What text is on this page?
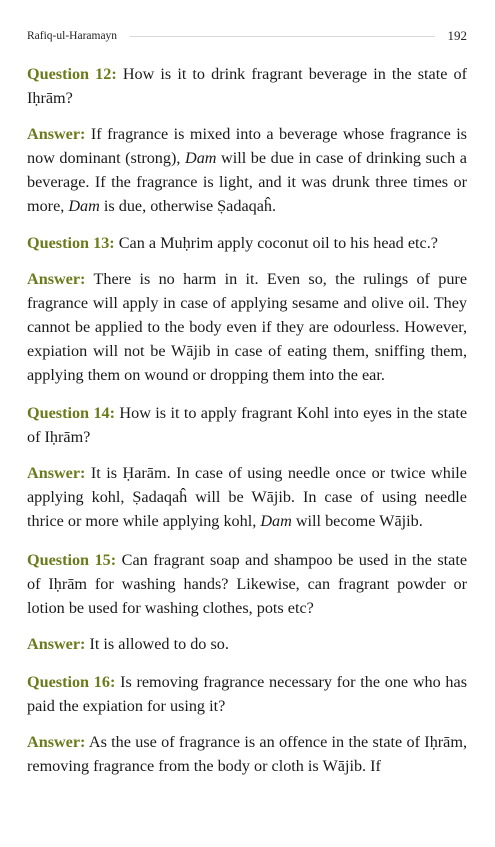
Rafiq-ul-Haramayn	192

Question 12: How is it to drink fragrant beverage in the state of Iḥrām?

Answer: If fragrance is mixed into a beverage whose fragrance is now dominant (strong), Dam will be due in case of drinking such a beverage. If the fragrance is light, and it was drunk three times or more, Dam is due, otherwise Ṣadaqaĥ.

Question 13: Can a Muḥrim apply coconut oil to his head etc.?

Answer: There is no harm in it. Even so, the rulings of pure fragrance will apply in case of applying sesame and olive oil. They cannot be applied to the body even if they are odourless. However, expiation will not be Wājib in case of eating them, sniffing them, applying them on wound or dropping them into the ear.

Question 14: How is it to apply fragrant Kohl into eyes in the state of Iḥrām?

Answer: It is Ḥarām. In case of using needle once or twice while applying kohl, Ṣadaqaĥ will be Wājib. In case of using needle thrice or more while applying kohl, Dam will become Wājib.

Question 15: Can fragrant soap and shampoo be used in the state of Iḥrām for washing hands? Likewise, can fragrant powder or lotion be used for washing clothes, pots etc?

Answer: It is allowed to do so.

Question 16: Is removing fragrance necessary for the one who has paid the expiation for using it?

Answer: As the use of fragrance is an offence in the state of Iḥrām, removing fragrance from the body or cloth is Wājib. If
